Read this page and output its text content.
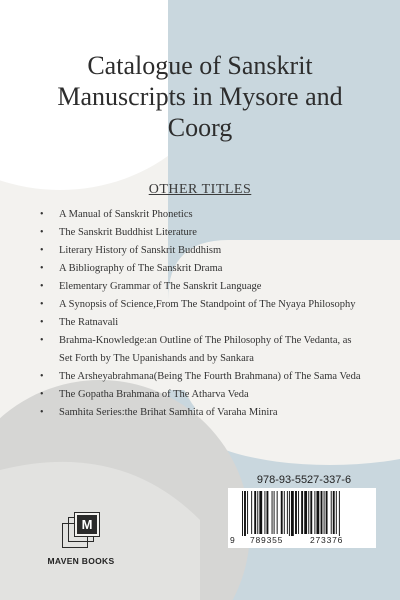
Catalogue of Sanskrit Manuscripts in Mysore and Coorg
OTHER TITLES
• A Manual of Sanskrit Phonetics
• The Sanskrit Buddhist Literature
• Literary History of Sanskrit Buddhism
• A Bibliography of The Sanskrit Drama
• Elementary Grammar of The Sanskrit Language
• A Synopsis of Science,From The Standpoint of The Nyaya Philosophy
• The Ratnavali
• Brahma-Knowledge:an Outline of The Philosophy of The Vedanta, as Set Forth by The Upanishands and by Sankara
• The Arsheyabrahmana(Being The Fourth Brahmana) of The Sama Veda
• The Gopatha Brahmana of The Atharva Veda
• Samhita Series:the Brihat Samhita of Varaha Minira
978-93-5527-337-6
9 789355	273376
M
MAVEN BOOKS
